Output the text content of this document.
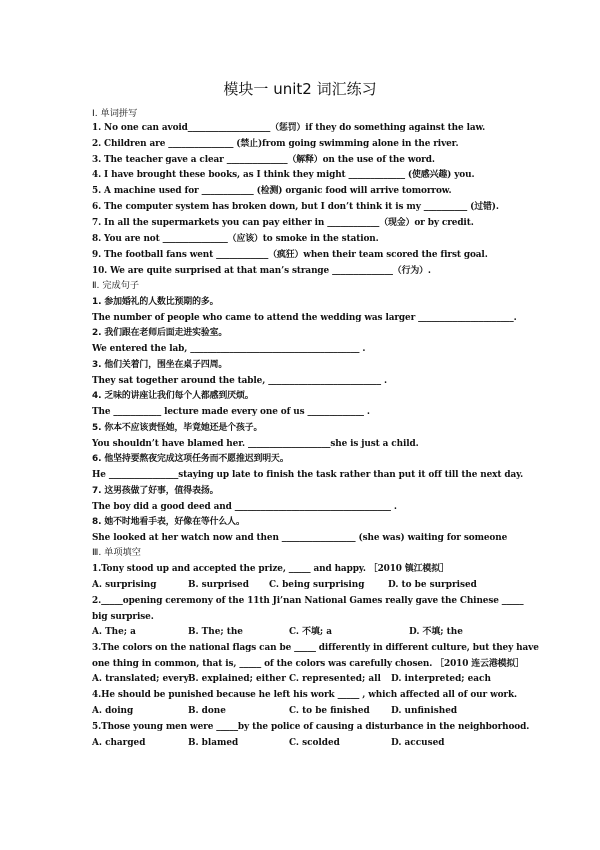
模块一 unit2 词汇练习
Ⅰ. 单词拼写
1. No one can avoid___________________（惩罚）if they do something against the law.
2. Children are _______________ (禁止)from going swimming alone in the river.
3. The teacher gave a clear ______________（解释）on the use of the word.
4. I have brought these books, as I think they might _____________ (使感兴趣) you.
5. A machine used for ____________ (检测) organic food will arrive tomorrow.
6. The computer system has broken down, but I don’t think it is my __________ (过错).
7. In all the supermarkets you can pay either in ____________（现金）or by credit.
8. You are not _______________（应该）to smoke in the station.
9. The football fans went ____________（疯狂）when their team scored the first goal.
10. We are quite surprised at that man’s strange ______________（行为）.
Ⅱ. 完成句子
1. 参加婚礼的人数比预期的多。
The number of people who came to attend the wedding was larger ______________________.
2. 我们跟在老师后面走进实验室。
We entered the lab, _______________________________________ .
3. 他们关着门，围坐在桌子四周。
They sat together around the table, __________________________ .
4. 乏味的讲座让我们每个人都感到厌烦。
The ___________ lecture made every one of us _____________ .
5. 你本不应该责怪她，毕竟她还是个孩子。
You shouldn’t have blamed her. ___________________she is just a child.
6. 他坚持要熬夜完成这项任务而不愿推迟到明天。
He ________________staying up late to finish the task rather than put it off till the next day.
7. 这男孩做了好事，值得表扬。
The boy did a good deed and ____________________________________ .
8. 她不时地看手表，好像在等什么人。
She looked at her watch now and then _________________ (she was) waiting for someone
Ⅲ. 单项填空
1.Tony stood up and accepted the prize, _____ and happy. ［2010 镇江模拟］
A. surprising	B. surprised C. being surprising	D. to be surprised
2._____opening ceremony of the 11th Ji’nan National Games really gave the Chinese _____
big surprise.
A. The; a	B. The; the	C. 不填; a	D. 不填; the
3.The colors on the national flags can be _____ differently in different culture, but they have
one thing in common, that is, _____ of the colors was carefully chosen. ［2010 连云港模拟］
A. translated; every B. explained; either C. represented; all D. interpreted; each
4.He should be punished because he left his work _____ , which affected all of our work.
A. doing	B. done	C. to be finished D. unfinished
5.Those young men were _____by the police of causing a disturbance in the neighborhood.
A. charged	B. blamed	C. scolded	D. accused
